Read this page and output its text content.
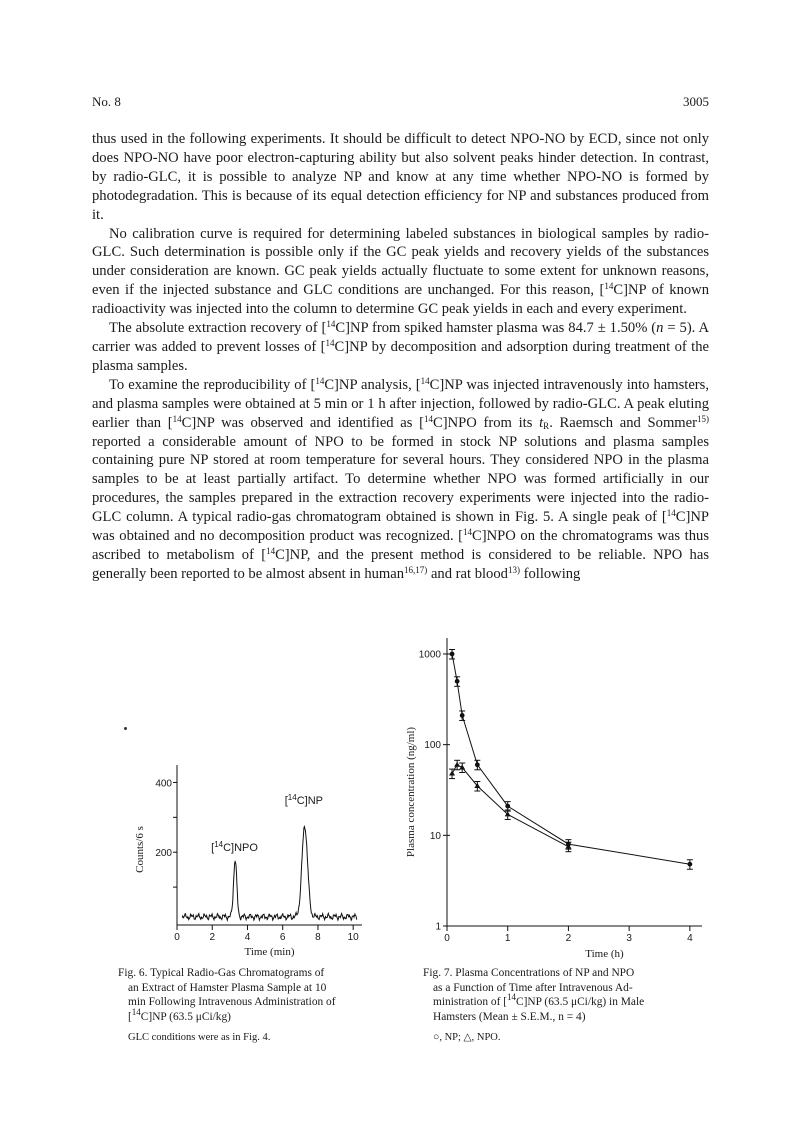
No. 8	3005

thus used in the following experiments. It should be difficult to detect NPO-NO by ECD, since not only does NPO-NO have poor electron-capturing ability but also solvent peaks hinder detection. In contrast, by radio-GLC, it is possible to analyze NP and know at any time whether NPO-NO is formed by photodegradation. This is because of its equal detection efficiency for NP and substances produced from it.

No calibration curve is required for determining labeled substances in biological samples by radio-GLC. Such determination is possible only if the GC peak yields and recovery yields of the substances under consideration are known. GC peak yields actually fluctuate to some extent for unknown reasons, even if the injected substance and GLC conditions are unchanged. For this reason, [$^{14}$C]NP of known radioactivity was injected into the column to determine GC peak yields in each and every experiment.

The absolute extraction recovery of [$^{14}$C]NP from spiked hamster plasma was 84.7 ± 1.50% (n = 5). A carrier was added to prevent losses of [$^{14}$C]NP by decomposition and adsorption during treatment of the plasma samples.

To examine the reproducibility of [$^{14}$C]NP analysis, [$^{14}$C]NP was injected intravenously into hamsters, and plasma samples were obtained at 5 min or 1 h after injection, followed by radio-GLC. A peak eluting earlier than [$^{14}$C]NP was observed and identified as [$^{14}$C]NPO from its $t_R$. Raemsch and Sommer$^{15)}$ reported a considerable amount of NPO to be formed in stock NP solutions and plasma samples containing pure NP stored at room temperature for several hours. They considered NPO in the plasma samples to be at least partially artifact. To determine whether NPO was formed artificially in our procedures, the samples prepared in the extraction recovery experiments were injected into the radio-GLC column. A typical radio-gas chromatogram obtained is shown in Fig. 5. A single peak of [$^{14}$C]NP was obtained and no decomposition product was recognized. [$^{14}$C]NPO on the chromatograms was thus ascribed to metabolism of [$^{14}$C]NP, and the present method is considered to be reliable. NPO has generally been reported to be almost absent in human$^{16,17)}$ and rat blood$^{13)}$ following

0	2	4	6	8	10
200
400
[$^{14}$C]NPO
[$^{14}$C]NP
Counts/6 s
Time (min)
Fig. 6. Typical Radio-Gas Chromatograms of
an Extract of Hamster Plasma Sample at 10
min Following Intravenous Administration of
[$^{14}$C]NP (63.5 μCi/kg)
GLC conditions were as in Fig. 4.
1
10
100
1000
0	1	2	3	4
Plasma concentration (ng/ml)
Time (h)
Fig. 7. Plasma Concentrations of NP and NPO
as a Function of Time after Intravenous Ad-
ministration of [$^{14}$C]NP (63.5 μCi/kg) in Male
Hamsters (Mean ± S.E.M., n = 4)
○, NP; △, NPO.
